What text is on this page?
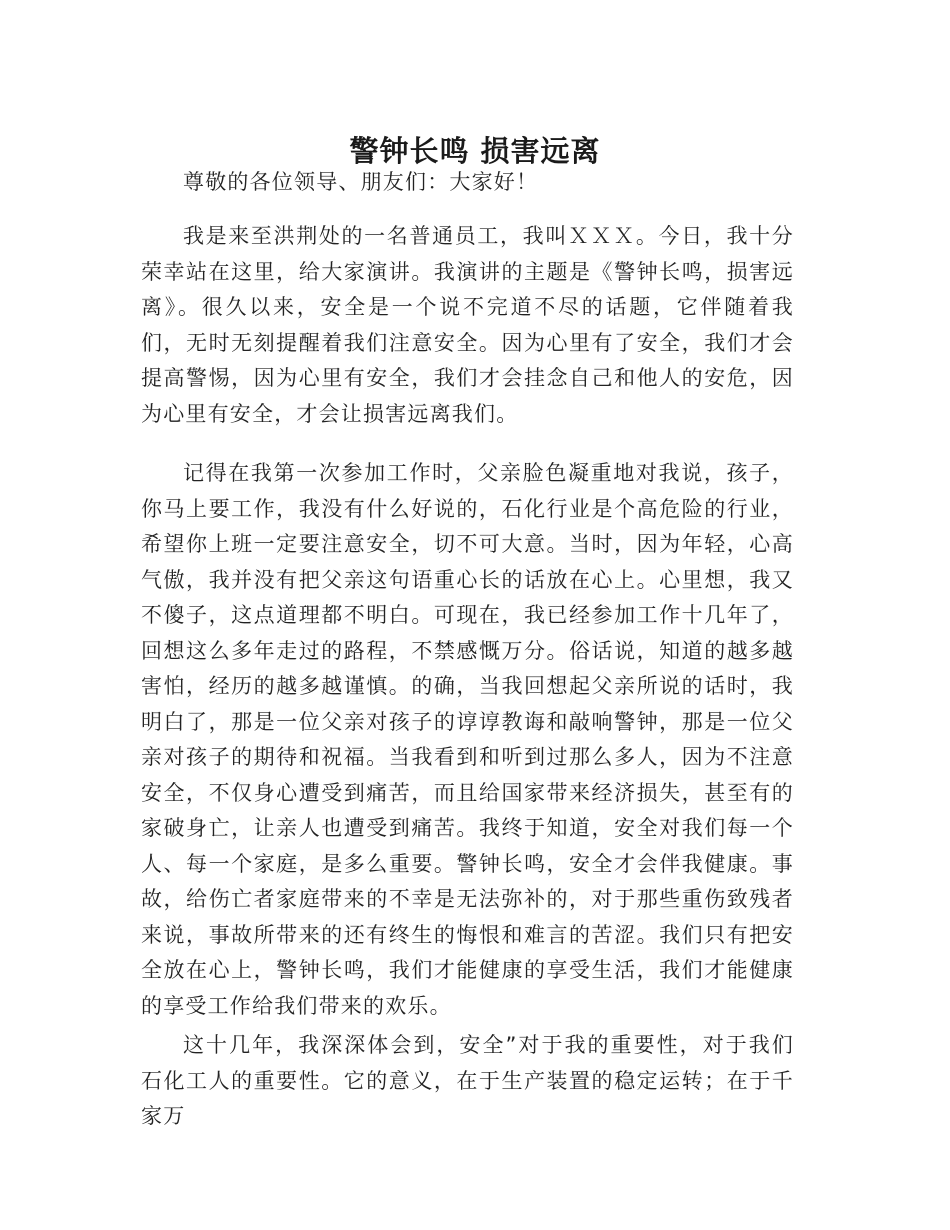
警钟长鸣 损害远离

尊敬的各位领导、朋友们：大家好！

我是来至洪荆处的一名普通员工，我叫ＸＸＸ。今日，我十分荣幸站在这里，给大家演讲。我演讲的主题是《警钟长鸣，损害远离》。很久以来，安全是一个说不完道不尽的话题，它伴随着我们，无时无刻提醒着我们注意安全。因为心里有了安全，我们才会提高警惕，因为心里有安全，我们才会挂念自己和他人的安危，因为心里有安全，才会让损害远离我们。

记得在我第一次参加工作时，父亲脸色凝重地对我说，孩子，你马上要工作，我没有什么好说的，石化行业是个高危险的行业，希望你上班一定要注意安全，切不可大意。当时，因为年轻，心高气傲，我并没有把父亲这句语重心长的话放在心上。心里想，我又不傻子，这点道理都不明白。可现在，我已经参加工作十几年了，回想这么多年走过的路程，不禁感慨万分。俗话说，知道的越多越害怕，经历的越多越谨慎。的确，当我回想起父亲所说的话时，我明白了，那是一位父亲对孩子的谆谆教诲和敲响警钟，那是一位父亲对孩子的期待和祝福。当我看到和听到过那么多人，因为不注意安全，不仅身心遭受到痛苦，而且给国家带来经济损失，甚至有的家破身亡，让亲人也遭受到痛苦。我终于知道，安全对我们每一个人、每一个家庭，是多么重要。警钟长鸣，安全才会伴我健康。事故，给伤亡者家庭带来的不幸是无法弥补的，对于那些重伤致残者来说，事故所带来的还有终生的悔恨和难言的苦涩。我们只有把安全放在心上，警钟长鸣，我们才能健康的享受生活，我们才能健康的享受工作给我们带来的欢乐。

这十几年，我深深体会到，安全”对于我的重要性，对于我们石化工人的重要性。它的意义，在于生产装置的稳定运转；在于千家万
